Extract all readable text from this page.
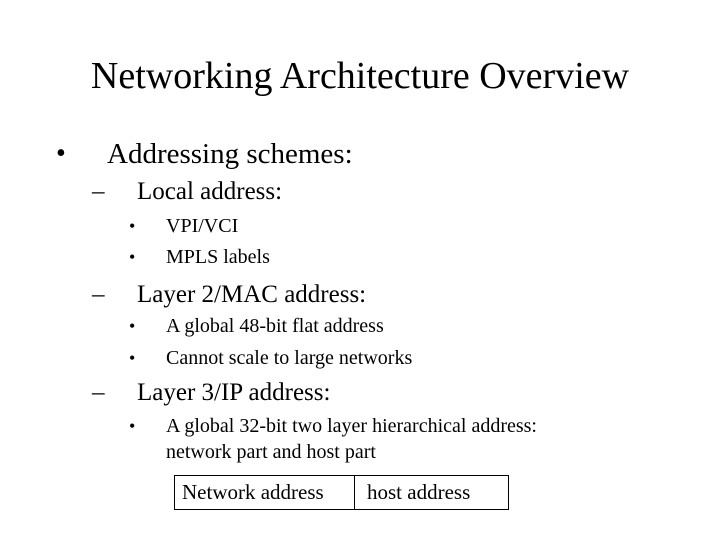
Networking Architecture Overview
• Addressing schemes:
– Local address:
• VPI/VCI
• MPLS labels
– Layer 2/MAC address:
• A global 48-bit flat address
• Cannot scale to large networks
– Layer 3/IP address:
• A global 32-bit two layer hierarchical address:
network part and host part
Network address	host address
